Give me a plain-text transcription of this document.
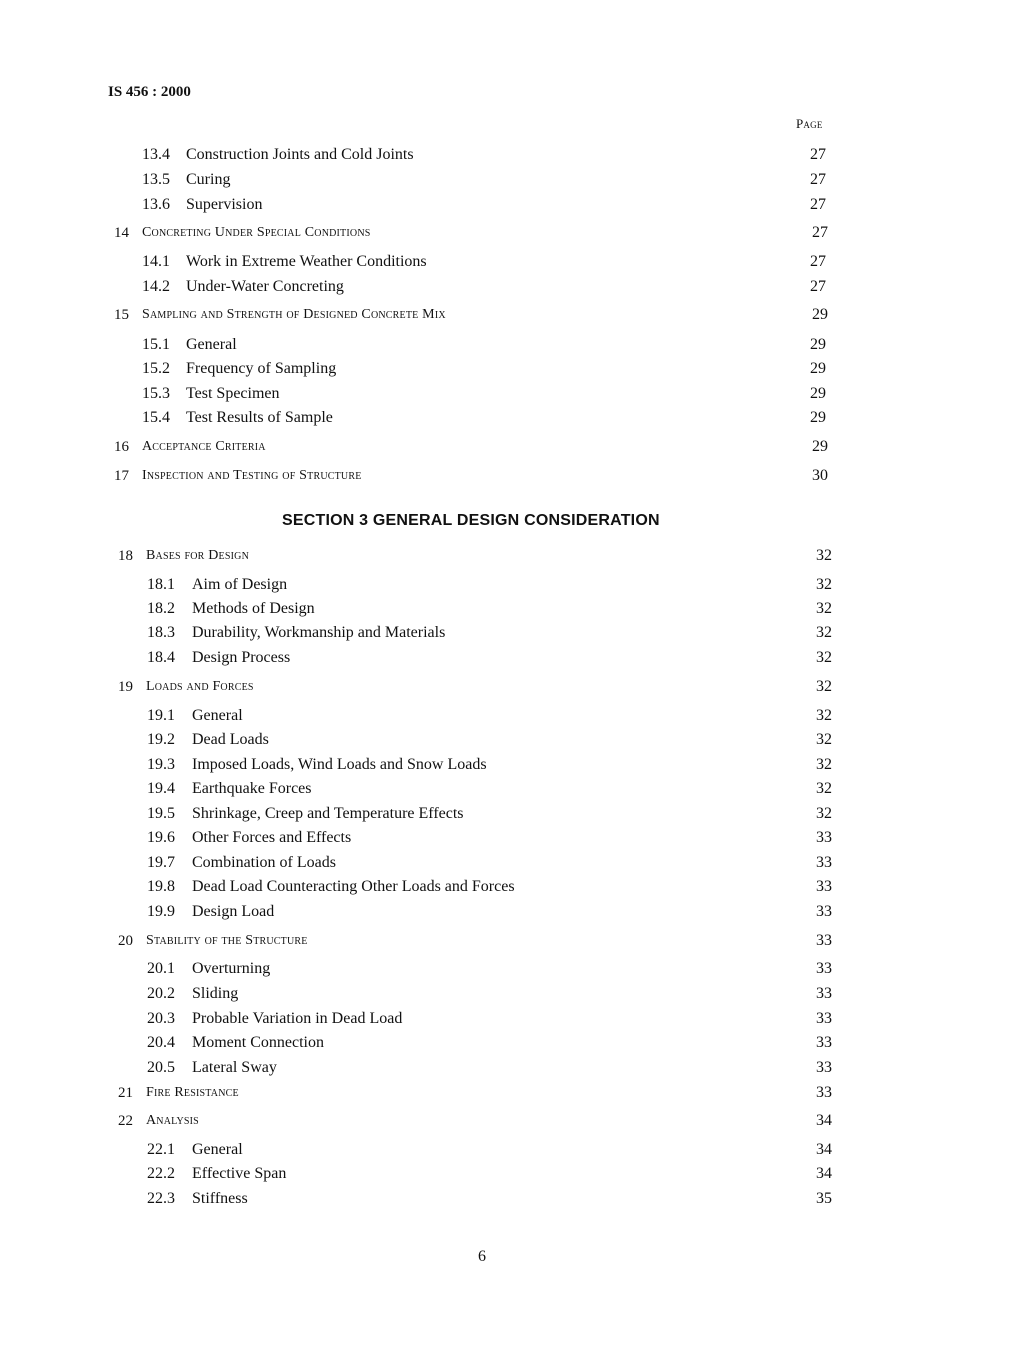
IS 456 : 2000
Page
13.4 Construction Joints and Cold Joints	27
13.5 Curing	27
13.6 Supervision	27
14 Concreting Under Special Conditions	27
14.1 Work in Extreme Weather Conditions	27
14.2 Under-Water Concreting	27
15 Sampling and Strength of Designed Concrete Mix	29
15.1 General	29
15.2 Frequency of Sampling	29
15.3 Test Specimen	29
15.4 Test Results of Sample	29
16 Acceptance Criteria	29
17 Inspection and Testing of Structure	30
SECTION 3 GENERAL DESIGN CONSIDERATION
18 Bases for Design	32
18.1 Aim of Design	32
18.2 Methods of Design	32
18.3 Durability, Workmanship and Materials	32
18.4 Design Process	32
19 Loads and Forces	32
19.1 General	32
19.2 Dead Loads	32
19.3 Imposed Loads, Wind Loads and Snow Loads	32
19.4 Earthquake Forces	32
19.5 Shrinkage, Creep and Temperature Effects	32
19.6 Other Forces and Effects	33
19.7 Combination of Loads	33
19.8 Dead Load Counteracting Other Loads and Forces	33
19.9 Design Load	33
20 Stability of the Structure	33
20.1 Overturning	33
20.2 Sliding	33
20.3 Probable Variation in Dead Load	33
20.4 Moment Connection	33
20.5 Lateral Sway	33
21 Fire Resistance	33
22 Analysis	34
22.1 General	34
22.2 Effective Span	34
22.3 Stiffness	35
6
